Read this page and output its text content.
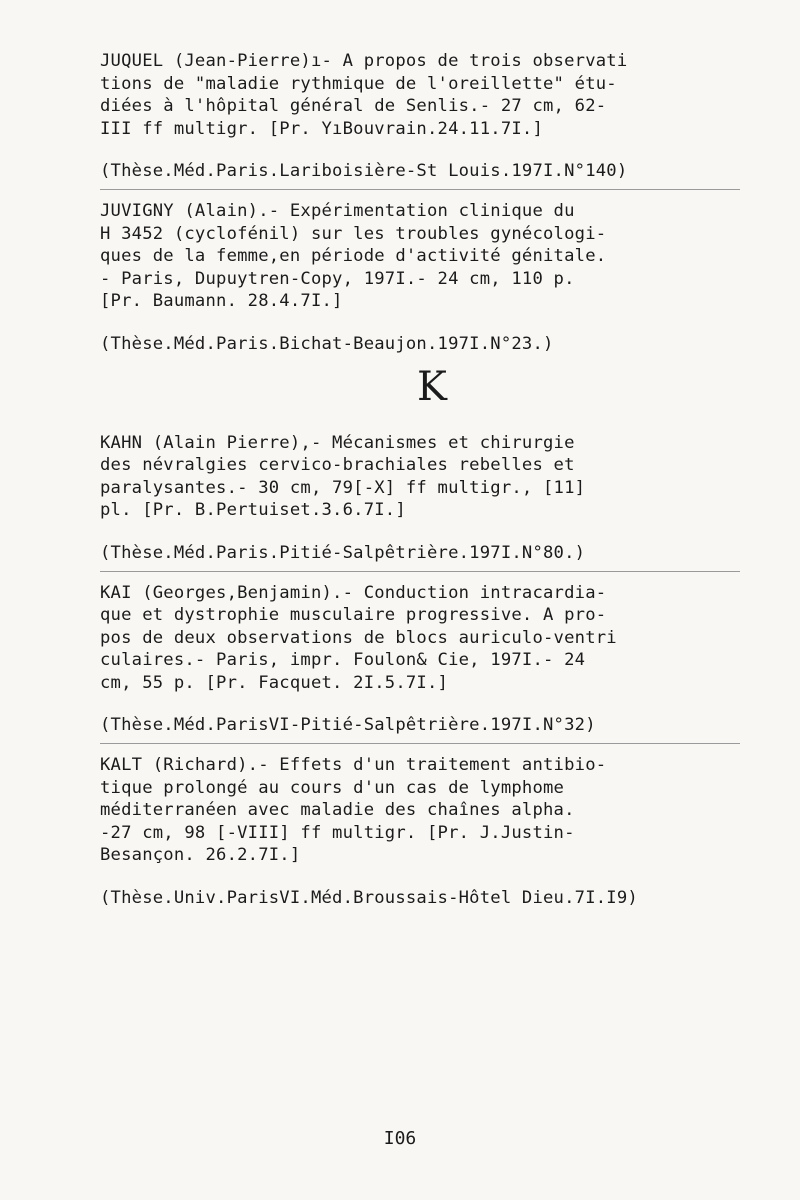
JUQUEL (Jean-Pierre)ı- A propos de trois observati
tions de "maladie rythmique de l'oreillette" étu-
diées à l'hôpital général de Senlis.- 27 cm, 62-
III ff multigr. [Pr. YıBouvrain.24.11.7I.]
(Thèse.Méd.Paris.Lariboisière-St Louis.197I.N°140)
JUVIGNY (Alain).- Expérimentation clinique du
H 3452 (cyclofénil) sur les troubles gynécologi-
ques de la femme,en période d'activité génitale.
- Paris, Dupuytren-Copy, 197I.- 24 cm, 110 p.
[Pr. Baumann. 28.4.7I.]
(Thèse.Méd.Paris.Bichat-Beaujon.197I.N°23.)
K
KAHN (Alain Pierre),- Mécanismes et chirurgie
des névralgies cervico-brachiales rebelles et
paralysantes.- 30 cm, 79[-X] ff multigr., [11]
pl. [Pr. B.Pertuiset.3.6.7I.]
(Thèse.Méd.Paris.Pitié-Salpêtrière.197I.N°80.)
KAI (Georges,Benjamin).- Conduction intracardia-
que et dystrophie musculaire progressive. A pro-
pos de deux observations de blocs auriculo-ventri
culaires.- Paris, impr. Foulon& Cie, 197I.- 24
cm, 55 p. [Pr. Facquet. 2I.5.7I.]
(Thèse.Méd.ParisVI-Pitié-Salpêtrière.197I.N°32)
KALT (Richard).- Effets d'un traitement antibio-
tique prolongé au cours d'un cas de lymphome
méditerranéen avec maladie des chaînes alpha.
-27 cm, 98 [-VIII] ff multigr. [Pr. J.Justin-
Besançon. 26.2.7I.]
(Thèse.Univ.ParisVI.Méd.Broussais-Hôtel Dieu.7I.I9)
I06
